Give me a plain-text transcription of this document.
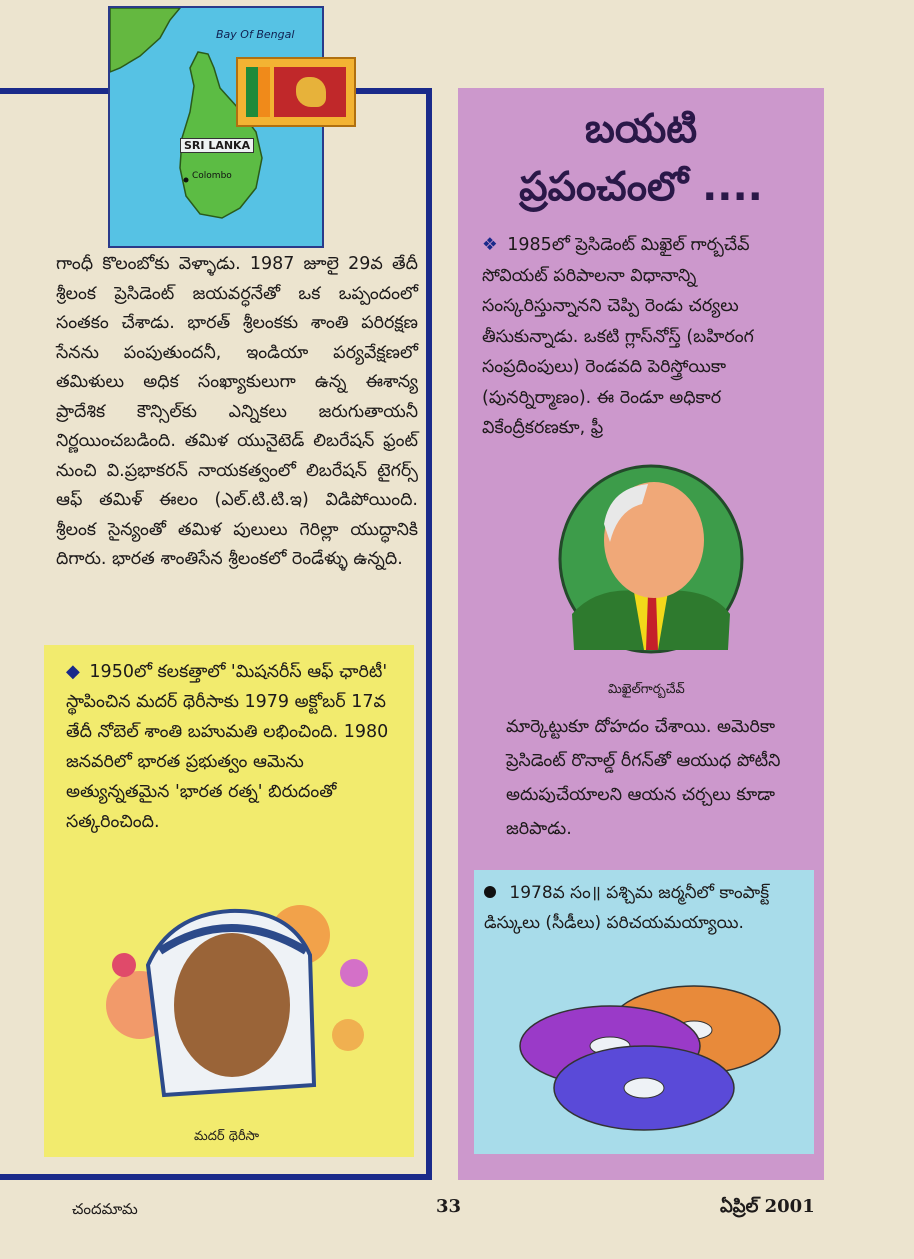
Bay Of Bengal
SRI LANKA
Colombo
గాంధీ కొలంబోకు వెళ్ళాడు. 1987 జూలై 29వ తేదీ శ్రీలంక ప్రెసిడెంట్ జయవర్ధనేతో ఒక ఒప్పందంలో సంతకం చేశాడు. భారత్ శ్రీలంకకు శాంతి పరిరక్షణ సేనను పంపుతుందనీ, ఇండియా పర్యవేక్షణలో తమిళులు అధిక సంఖ్యాకులుగా ఉన్న ఈశాన్య ప్రాదేశిక కౌన్సిల్‌కు ఎన్నికలు జరుగుతాయనీ నిర్ణయించబడింది. తమిళ యునైటెడ్ లిబరేషన్ ఫ్రంట్ నుంచి వి.ప్రభాకరన్ నాయకత్వంలో లిబరేషన్ టైగర్స్ ఆఫ్ తమిళ్ ఈలం (ఎల్.టి.టి.ఇ) విడిపోయింది. శ్రీలంక సైన్యంతో తమిళ పులులు గెరిల్లా యుద్ధానికి దిగారు. భారత శాంతిసేన శ్రీలంకలో రెండేళ్ళు ఉన్నది.
◆ 1950లో కలకత్తాలో 'మిషనరీస్ ఆఫ్ ఛారిటీ' స్థాపించిన మదర్ థెరీసాకు 1979 అక్టోబర్ 17వ తేదీ నోబెల్ శాంతి బహుమతి లభించింది. 1980 జనవరిలో భారత ప్రభుత్వం ఆమెను అత్యున్నతమైన 'భారత రత్న' బిరుదంతో సత్కరించింది.
మదర్ థెరీసా
బయటి
ప్రపంచంలో ....
❖ 1985లో ప్రెసిడెంట్ మిఖైల్ గార్బచేవ్ సోవియట్ పరిపాలనా విధానాన్ని సంస్కరిస్తున్నానని చెప్పి రెండు చర్యలు తీసుకున్నాడు. ఒకటి గ్లాస్‌నోస్త్ (బహిరంగ సంప్రదింపులు) రెండవది పెరిస్త్రోయికా (పునర్నిర్మాణం). ఈ రెండూ అధికార వికేంద్రీకరణకూ, ఫ్రీ
మిఖైల్‌గార్బచేవ్
మార్కెట్టుకూ దోహదం చేశాయి. అమెరికా ప్రెసిడెంట్ రొనాల్డ్ రీగన్‌తో ఆయుధ పోటీని అదుపుచేయాలని ఆయన చర్చలు కూడా జరిపాడు.
1978వ సం॥ పశ్చిమ జర్మనీలో కాంపాక్ట్ డిస్కులు (సీడీలు) పరిచయమయ్యాయి.
చందమామ	33	ఏప్రిల్ 2001
